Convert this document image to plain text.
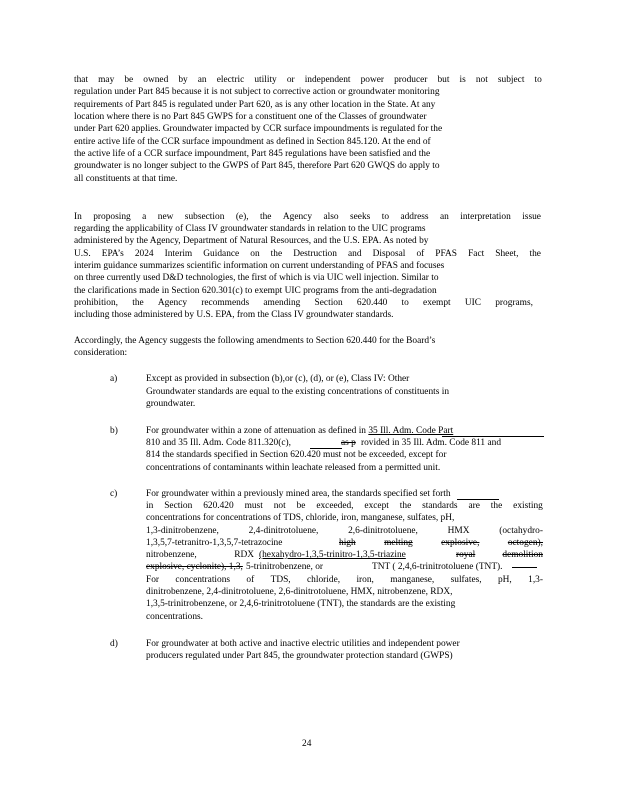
that may be owned by an electric utility or independent power producer but is not subject to
regulation under Part 845 because it is not subject to corrective action or groundwater monitoring
requirements of Part 845 is regulated under Part 620, as is any other location in the State. At any
location where there is no Part 845 GWPS for a constituent one of the Classes of groundwater
under Part 620 applies. Groundwater impacted by CCR surface impoundments is regulated for the
entire active life of the CCR surface impoundment as defined in Section 845.120. At the end of
the active life of a CCR surface impoundment, Part 845 regulations have been satisfied and the
groundwater is no longer subject to the GWPS of Part 845, therefore Part 620 GWQS do apply to
all constituents at that time.
In proposing a new subsection (e), the Agency also seeks to address an interpretation issue
regarding the applicability of Class IV groundwater standards in relation to the UIC programs
administered by the Agency, Department of Natural Resources, and the U.S. EPA. As noted by
U.S. EPA’s 2024 Interim Guidance on the Destruction and Disposal of PFAS Fact Sheet, the
interim guidance summarizes scientific information on current understanding of PFAS and focuses
on three currently used D&D technologies, the first of which is via UIC well injection. Similar to
the clarifications made in Section 620.301(c) to exempt UIC programs from the anti-degradation
prohibition, the Agency recommends amending Section 620.440 to exempt UIC programs,
including those administered by U.S. EPA, from the Class IV groundwater standards.
Accordingly, the Agency suggests the following amendments to Section 620.440 for the Board’s
consideration:
a)	Except as provided in subsection (b),or (c), (d), or (e), Class IV: Other
Groundwater standards are equal to the existing concentrations of constituents in
groundwater.
b)	For groundwater within a zone of attenuation as defined in 35 Ill. Adm. Code Part
810 and 35 Ill. Adm. Code 811.320(c),	as p rovided in 35 Ill. Adm. Code 811 and
814 the standards specified in Section 620.420 must not be exceeded, except for
concentrations of contaminants within leachate released from a permitted unit.
c)	For groundwater within a previously mined area, the standards specified set forth
in Section 620.420 must not be exceeded, except the standards are the existing
concentrations for concentrations of TDS, chloride, iron, manganese, sulfates, pH,
1,3-dinitrobenzene,	2,4-dinitrotoluene,	2,6-dinitrotoluene,	HMX	(octahydro-
1,3,5,7-tetranitro-1,3,5,7-tetrazocine	high	melting	explosive,	octogen),
nitrobenzene,	RDX (hexahydro-1,3,5-trinitro-1,3,5-triazine	royal	demolition
explosive, cyclonite), 1,3, 5-trinitrobenzene, or	TNT ( 2,4,6-trinitrotoluene (TNT).
For concentrations of TDS, chloride, iron, manganese, sulfates, pH, 1,3-
dinitrobenzene, 2,4-dinitrotoluene, 2,6-dinitrotoluene, HMX, nitrobenzene, RDX,
1,3,5-trinitrobenzene, or 2,4,6-trinitrotoluene (TNT), the standards are the existing
concentrations.
d)	For groundwater at both active and inactive electric utilities and independent power
producers regulated under Part 845, the groundwater protection standard (GWPS)
24
